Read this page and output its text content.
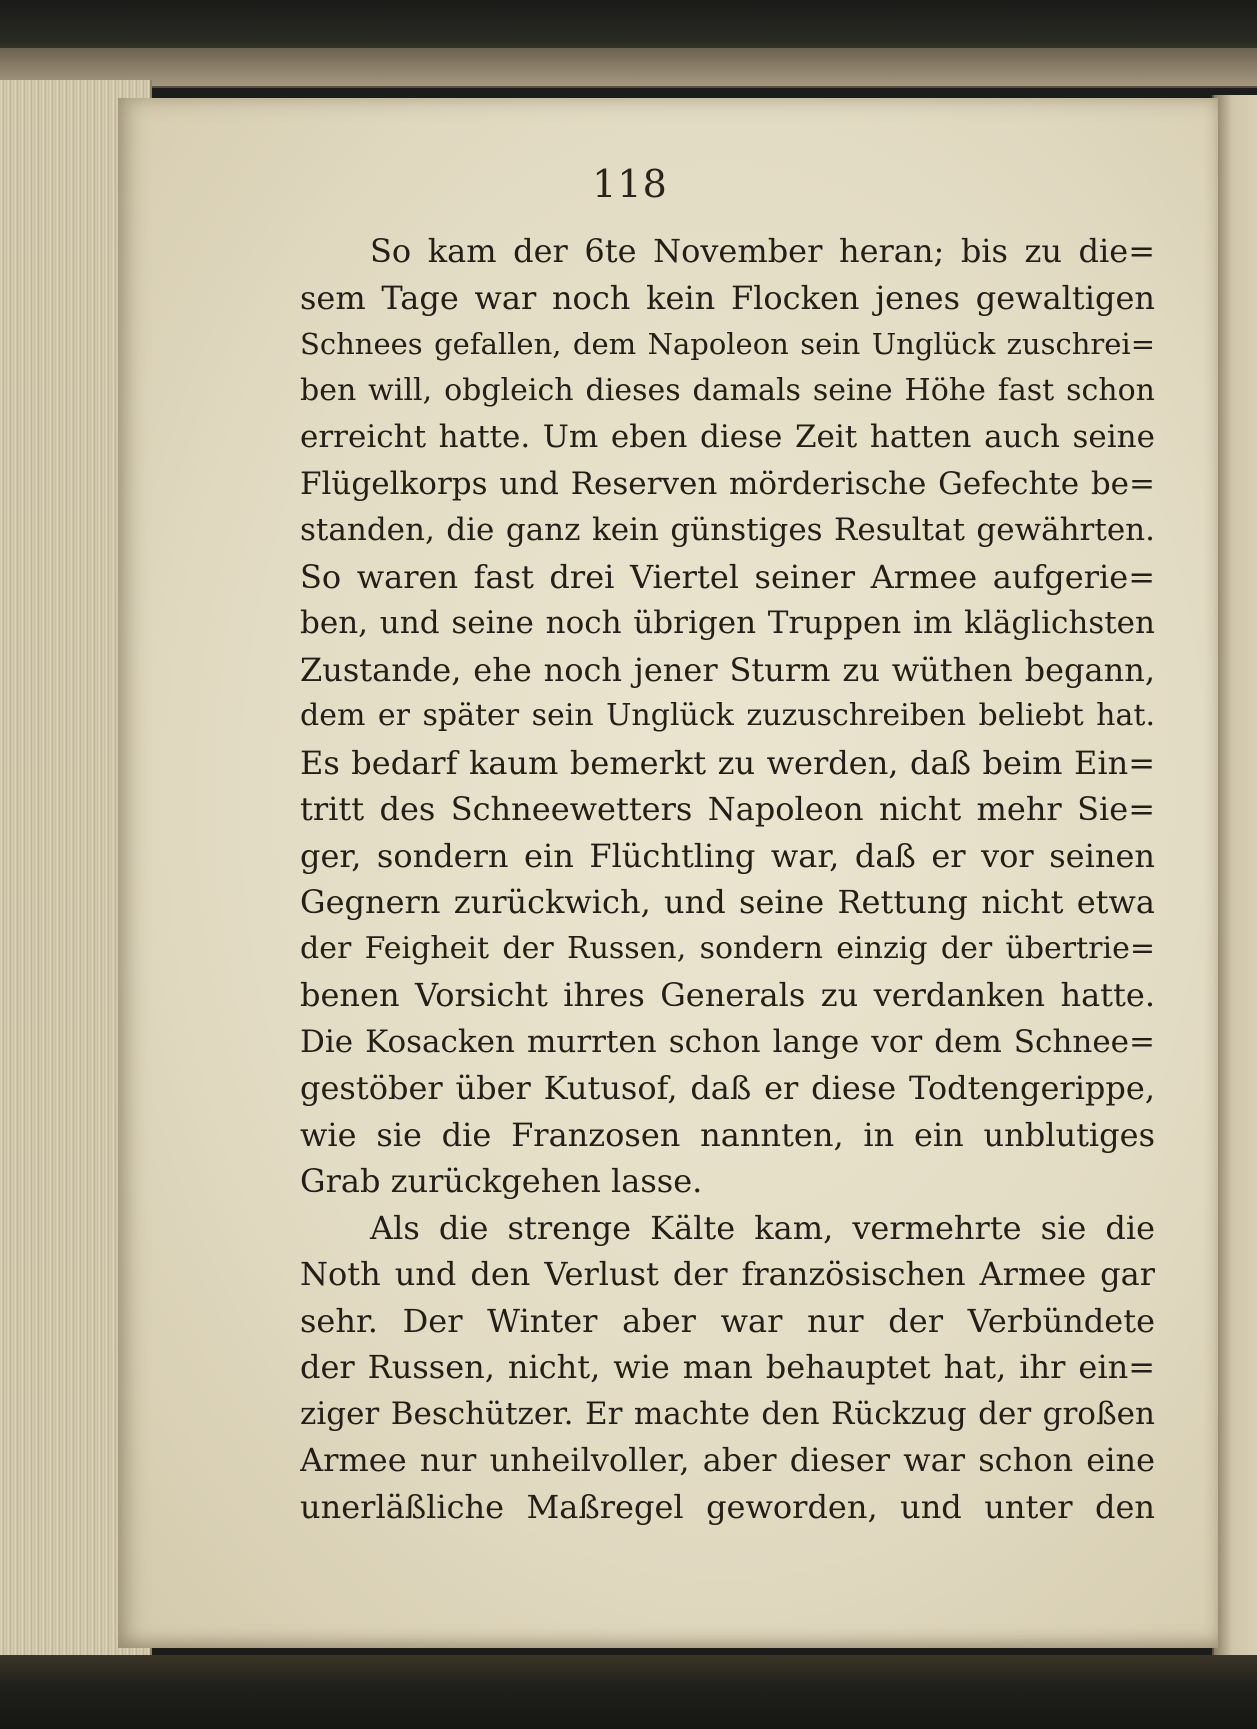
118
So kam der 6te November heran; bis zu die=
sem Tage war noch kein Flocken jenes gewaltigen
Schnees gefallen, dem Napoleon sein Unglück zuschrei=
ben will, obgleich dieses damals seine Höhe fast schon
erreicht hatte. Um eben diese Zeit hatten auch seine
Flügelkorps und Reserven mörderische Gefechte be=
standen, die ganz kein günstiges Resultat gewährten.
So waren fast drei Viertel seiner Armee aufgerie=
ben, und seine noch übrigen Truppen im kläglichsten
Zustande, ehe noch jener Sturm zu wüthen begann,
dem er später sein Unglück zuzuschreiben beliebt hat.
Es bedarf kaum bemerkt zu werden, daß beim Ein=
tritt des Schneewetters Napoleon nicht mehr Sie=
ger, sondern ein Flüchtling war, daß er vor seinen
Gegnern zurückwich, und seine Rettung nicht etwa
der Feigheit der Russen, sondern einzig der übertrie=
benen Vorsicht ihres Generals zu verdanken hatte.
Die Kosacken murrten schon lange vor dem Schnee=
gestöber über Kutusof, daß er diese Todtengerippe,
wie sie die Franzosen nannten, in ein unblutiges
Grab zurückgehen lasse.
Als die strenge Kälte kam, vermehrte sie die
Noth und den Verlust der französischen Armee gar
sehr. Der Winter aber war nur der Verbündete
der Russen, nicht, wie man behauptet hat, ihr ein=
ziger Beschützer. Er machte den Rückzug der großen
Armee nur unheilvoller, aber dieser war schon eine
unerläßliche Maßregel geworden, und unter den
